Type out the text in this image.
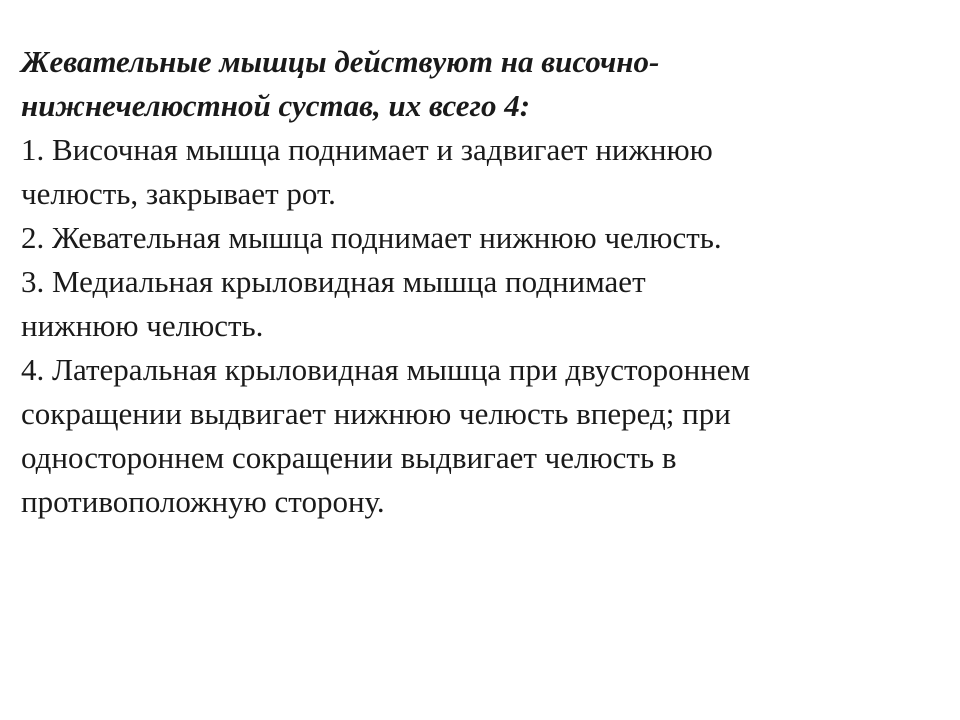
Жевательные мышцы действуют на височно-
нижнечелюстной сустав, их всего 4:

1. Височная мышца поднимает и задвигает нижнюю
челюсть, закрывает рот.

2. Жевательная мышца поднимает нижнюю челюсть.

3. Медиальная крыловидная мышца поднимает
нижнюю челюсть.

4. Латеральная крыловидная мышца при двустороннем
сокращении выдвигает нижнюю челюсть вперед; при
одностороннем сокращении выдвигает челюсть в
противоположную сторону.
